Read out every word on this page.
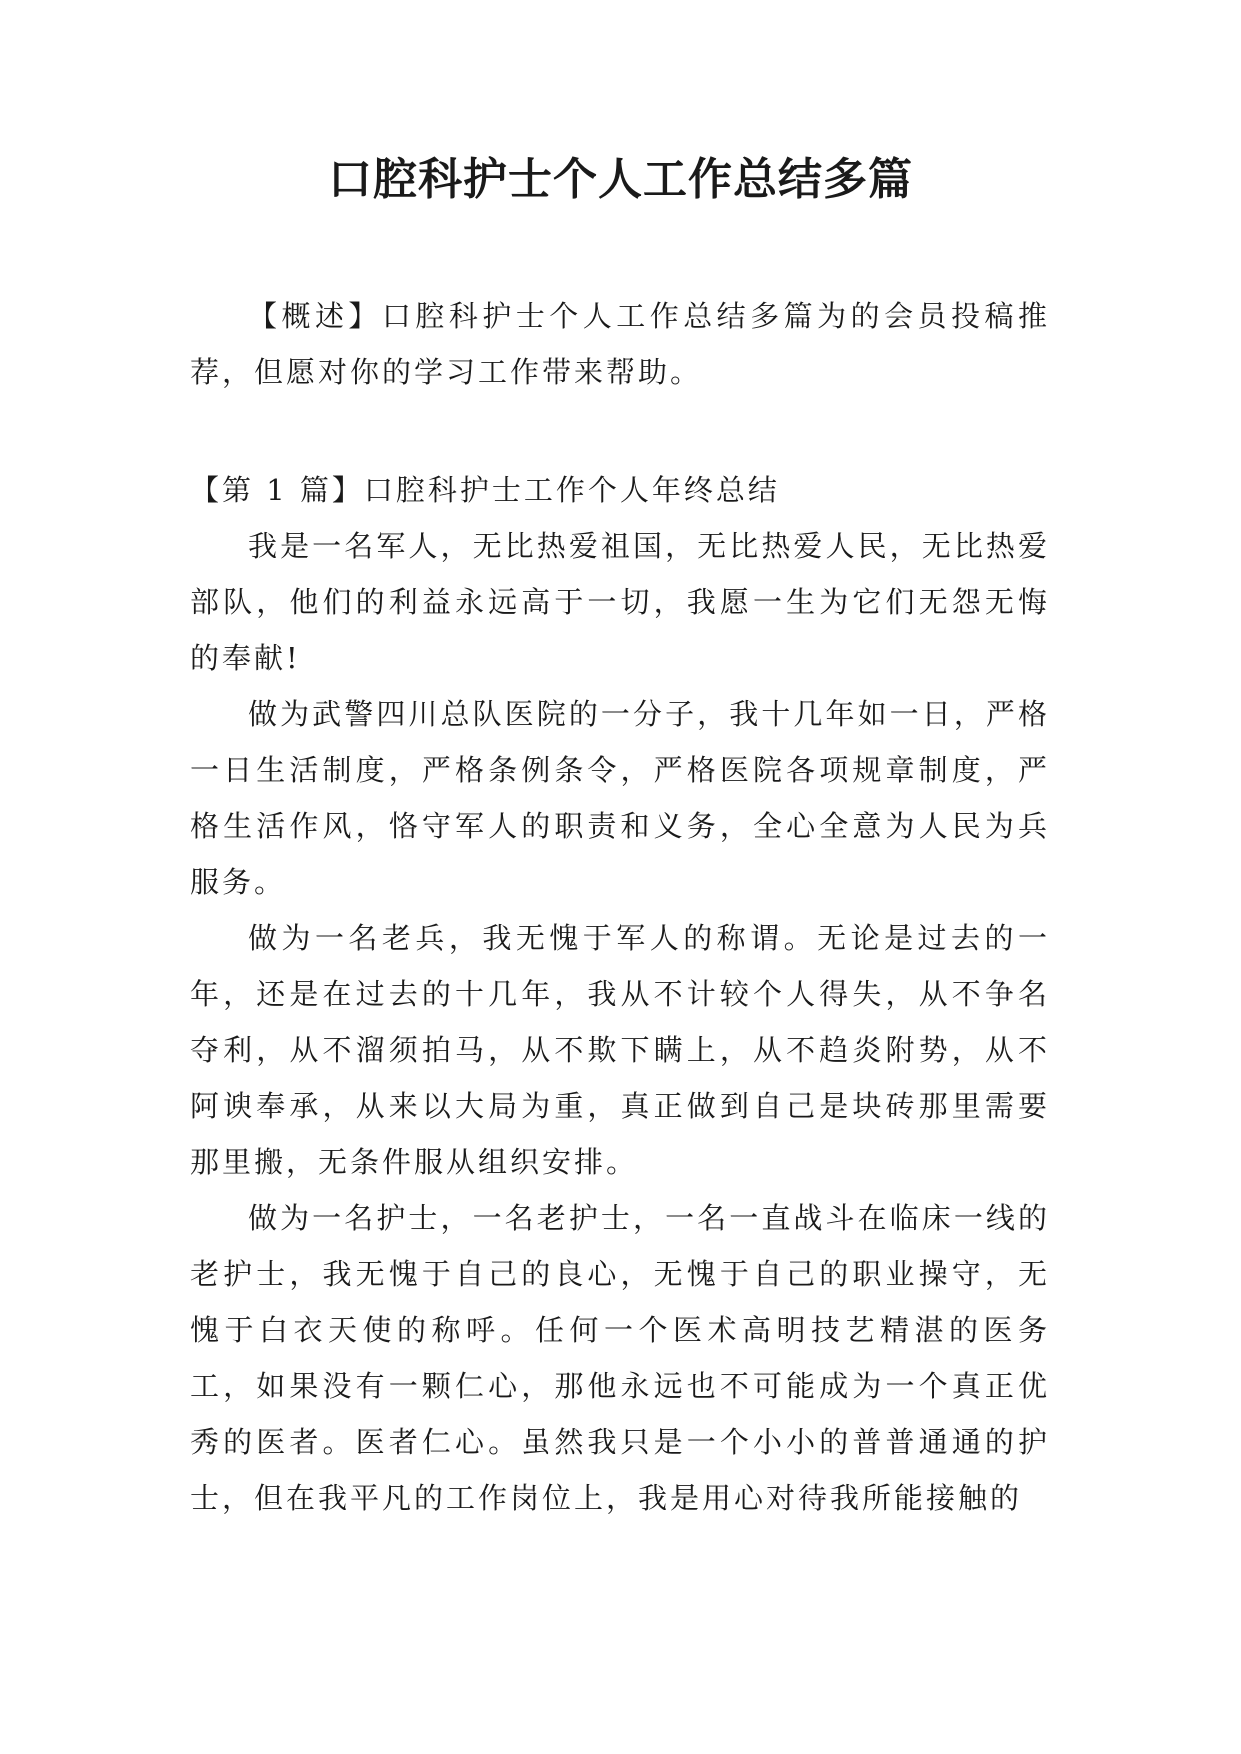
口腔科护士个人工作总结多篇

【概述】口腔科护士个人工作总结多篇为的会员投稿推荐，但愿对你的学习工作带来帮助。

【第 1 篇】口腔科护士工作个人年终总结

我是一名军人，无比热爱祖国，无比热爱人民，无比热爱部队，他们的利益永远高于一切，我愿一生为它们无怨无悔的奉献!

做为武警四川总队医院的一分子，我十几年如一日，严格一日生活制度，严格条例条令，严格医院各项规章制度，严格生活作风，恪守军人的职责和义务，全心全意为人民为兵服务。

做为一名老兵，我无愧于军人的称谓。无论是过去的一年，还是在过去的十几年，我从不计较个人得失，从不争名夺利，从不溜须拍马，从不欺下瞒上，从不趋炎附势，从不阿谀奉承，从来以大局为重，真正做到自己是块砖那里需要那里搬，无条件服从组织安排。

做为一名护士，一名老护士，一名一直战斗在临床一线的老护士，我无愧于自己的良心，无愧于自己的职业操守，无愧于白衣天使的称呼。任何一个医术高明技艺精湛的医务工，如果没有一颗仁心，那他永远也不可能成为一个真正优秀的医者。医者仁心。虽然我只是一个小小的普普通通的护士，但在我平凡的工作岗位上，我是用心对待我所能接触的
